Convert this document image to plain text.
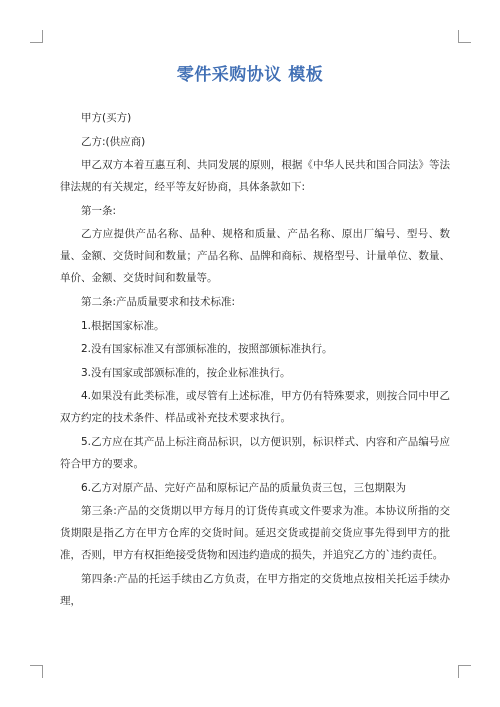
零件采购协议 模板

甲方(买方)

乙方:(供应商)

甲乙双方本着互惠互利、共同发展的原则，根据《中华人民共和国合同法》等法律法规的有关规定，经平等友好协商，具体条款如下:

第一条:

乙方应提供产品名称、品种、规格和质量、产品名称、原出厂编号、型号、数量、金额、交货时间和数量；产品名称、品牌和商标、规格型号、计量单位、数量、单价、金额、交货时间和数量等。

第二条:产品质量要求和技术标准:

1.根据国家标准。

2.没有国家标准又有部颁标准的，按照部颁标准执行。

3.没有国家或部颁标准的，按企业标准执行。

4.如果没有此类标准，或尽管有上述标准，甲方仍有特殊要求，则按合同中甲乙双方约定的技术条件、样品或补充技术要求执行。

5.乙方应在其产品上标注商品标识，以方便识别，标识样式、内容和产品编号应符合甲方的要求。

6.乙方对原产品、完好产品和原标记产品的质量负责三包，三包期限为

第三条:产品的交货期以甲方每月的订货传真或文件要求为准。本协议所指的交货期限是指乙方在甲方仓库的交货时间。延迟交货或提前交货应事先得到甲方的批准，否则，甲方有权拒绝接受货物和因违约造成的损失，并追究乙方的`违约责任。

第四条:产品的托运手续由乙方负责，在甲方指定的交货地点按相关托运手续办理，
